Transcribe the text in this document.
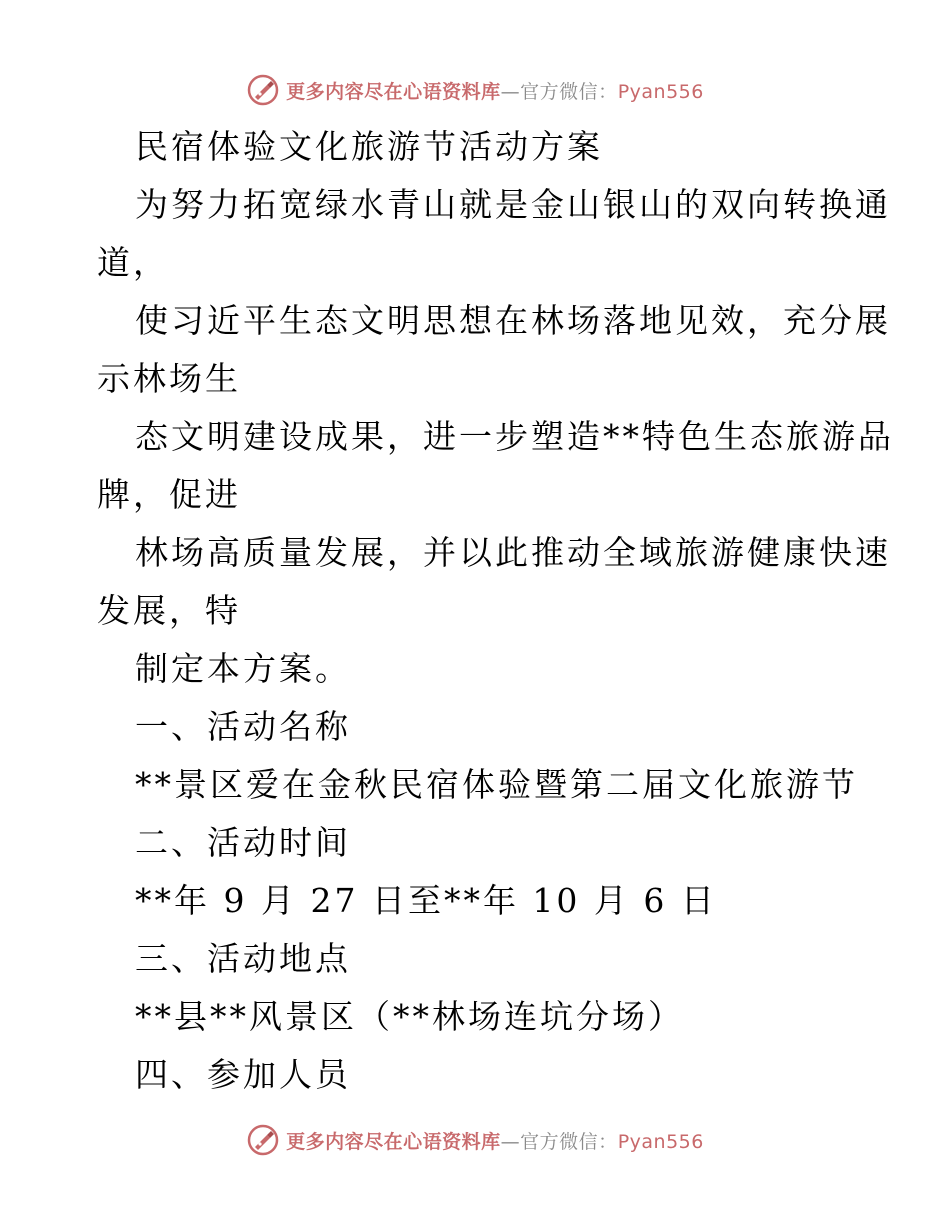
更多内容尽在心语资料库—官方微信：Pyan556
民宿体验文化旅游节活动方案
为努力拓宽绿水青山就是金山银山的双向转换通
道，
使习近平生态文明思想在林场落地见效，充分展
示林场生
态文明建设成果，进一步塑造**特色生态旅游品
牌，促进
林场高质量发展，并以此推动全域旅游健康快速
发展，特
制定本方案。
一、活动名称
**景区爱在金秋民宿体验暨第二届文化旅游节
二、活动时间
**年 9 月 27 日至**年 10 月 6 日
三、活动地点
**县**风景区（**林场连坑分场）
四、参加人员
更多内容尽在心语资料库—官方微信：Pyan556
